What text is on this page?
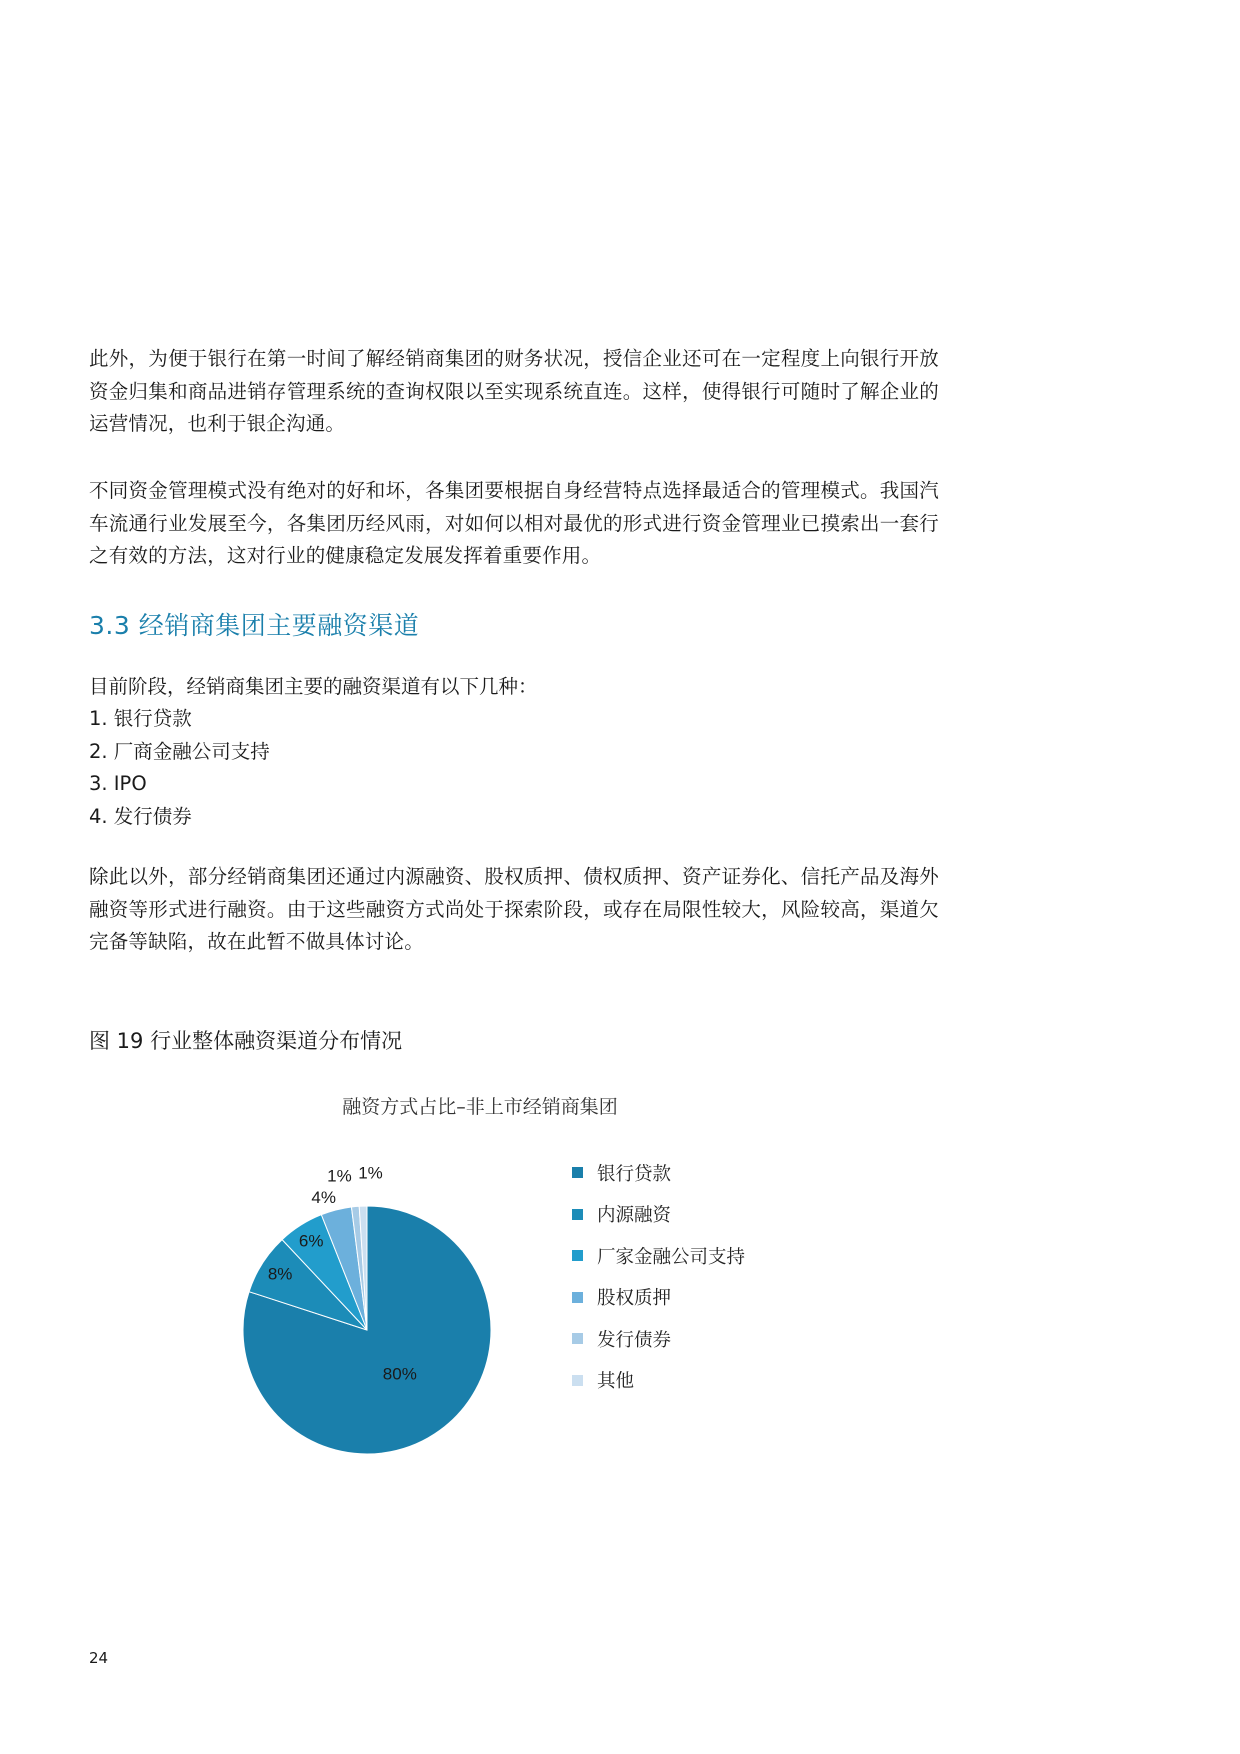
此外，为便于银行在第一时间了解经销商集团的财务状况，授信企业还可在一定程度上向银行开放资金归集和商品进销存管理系统的查询权限以至实现系统直连。这样，使得银行可随时了解企业的运营情况，也利于银企沟通。

不同资金管理模式没有绝对的好和坏，各集团要根据自身经营特点选择最适合的管理模式。我国汽车流通行业发展至今，各集团历经风雨，对如何以相对最优的形式进行资金管理业已摸索出一套行之有效的方法，这对行业的健康稳定发展发挥着重要作用。

3.3 经销商集团主要融资渠道

目前阶段，经销商集团主要的融资渠道有以下几种：

1. 银行贷款
2. 厂商金融公司支持
3. IPO
4. 发行债券

除此以外，部分经销商集团还通过内源融资、股权质押、债权质押、资产证券化、信托产品及海外融资等形式进行融资。由于这些融资方式尚处于探索阶段，或存在局限性较大，风险较高，渠道欠完备等缺陷，故在此暂不做具体讨论。

图 19 行业整体融资渠道分布情况

融资方式占比–非上市经销商集团

80%
8%
6%
4%
1% 1%	银行贷款
内源融资
厂家金融公司支持
股权质押
发行债券
其他

24
